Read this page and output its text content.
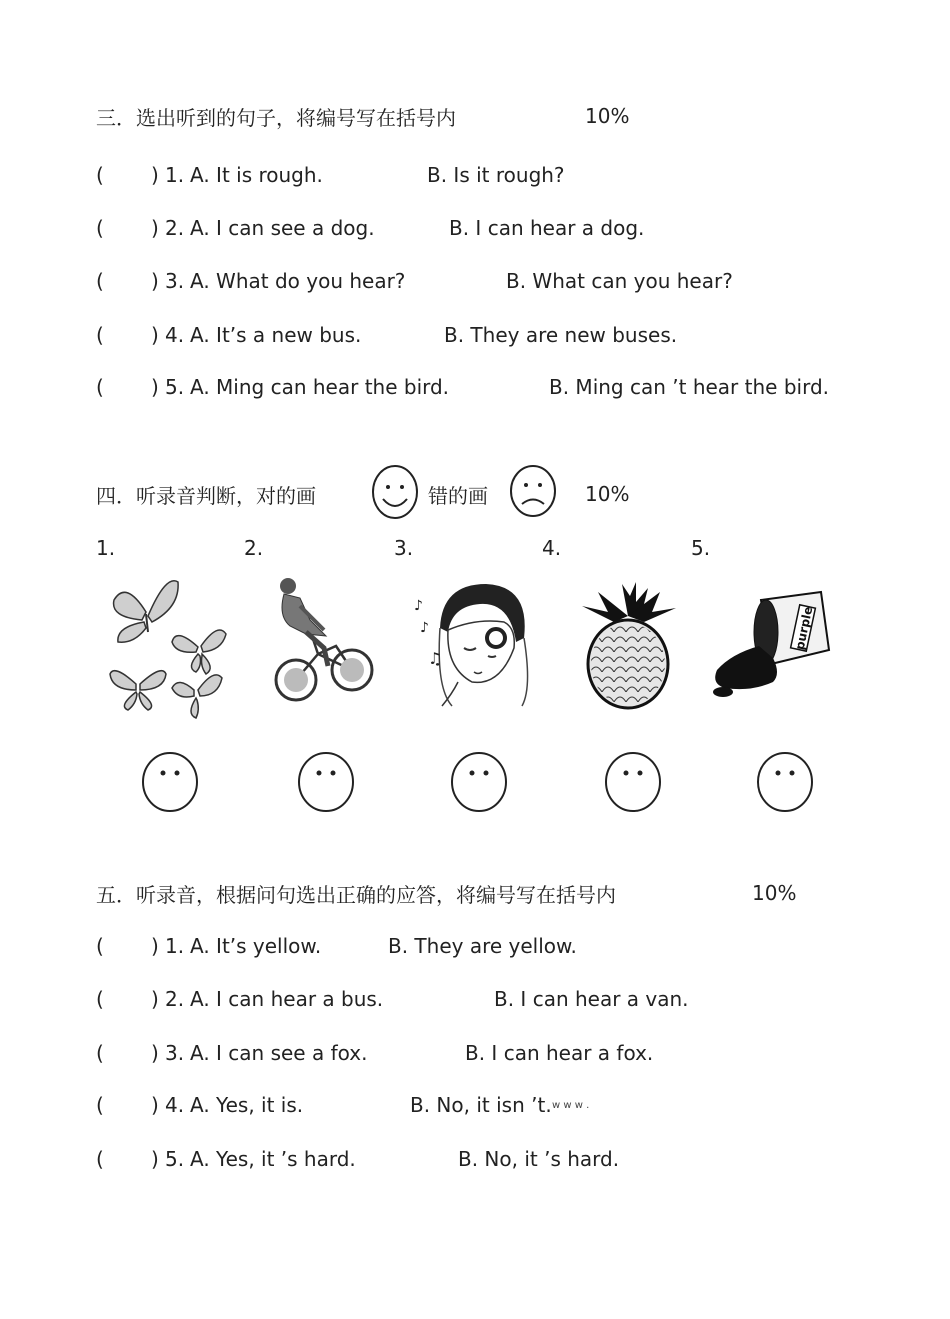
三．选出听到的句子，将编号写在括号内	10%
( ) 1. A. It is rough.	B. Is it rough?
( ) 2. A. I can see a dog.	B. I can hear a dog.
( ) 3. A. What do you hear?	B. What can you hear?
( ) 4. A. It’s a new bus.	B. They are new buses.
( ) 5. A. Ming can hear the bird.	B. Ming can ’t hear the bird.
四．听录音判断，对的画	错的画	10%
1.	2.	3.	4.	5.
♪
♪
♫
purple
五．听录音，根据问句选出正确的应答，将编号写在括号内	10%
( ) 1. A. It’s yellow.	B. They are yellow.
( ) 2. A. I can hear a bus.	B. I can hear a van.
( ) 3. A. I can see a fox.	B. I can hear a fox.
( ) 4. A. Yes, it is.	B. No, it isn ’t. w w w .
( ) 5. A. Yes, it ’s hard.	B. No, it ’s hard.
